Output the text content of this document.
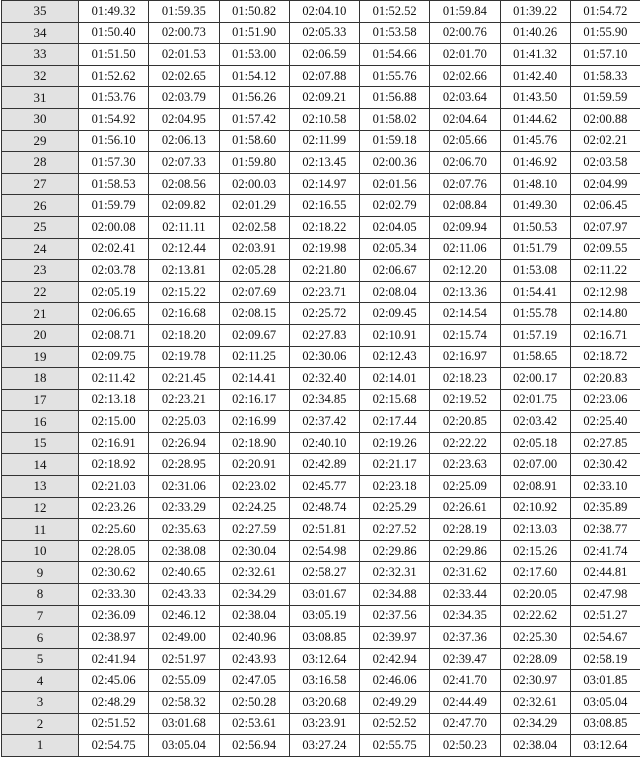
35	01:49.32	01:59.35	01:50.82	02:04.10	01:52.52	01:59.84	01:39.22	01:54.72
34	01:50.40	02:00.73	01:51.90	02:05.33	01:53.58	02:00.76	01:40.26	01:55.90
33	01:51.50	02:01.53	01:53.00	02:06.59	01:54.66	02:01.70	01:41.32	01:57.10
32	01:52.62	02:02.65	01:54.12	02:07.88	01:55.76	02:02.66	01:42.40	01:58.33
31	01:53.76	02:03.79	01:56.26	02:09.21	01:56.88	02:03.64	01:43.50	01:59.59
30	01:54.92	02:04.95	01:57.42	02:10.58	01:58.02	02:04.64	01:44.62	02:00.88
29	01:56.10	02:06.13	01:58.60	02:11.99	01:59.18	02:05.66	01:45.76	02:02.21
28	01:57.30	02:07.33	01:59.80	02:13.45	02:00.36	02:06.70	01:46.92	02:03.58
27	01:58.53	02:08.56	02:00.03	02:14.97	02:01.56	02:07.76	01:48.10	02:04.99
26	01:59.79	02:09.82	02:01.29	02:16.55	02:02.79	02:08.84	01:49.30	02:06.45
25	02:00.08	02:11.11	02:02.58	02:18.22	02:04.05	02:09.94	01:50.53	02:07.97
24	02:02.41	02:12.44	02:03.91	02:19.98	02:05.34	02:11.06	01:51.79	02:09.55
23	02:03.78	02:13.81	02:05.28	02:21.80	02:06.67	02:12.20	01:53.08	02:11.22
22	02:05.19	02:15.22	02:07.69	02:23.71	02:08.04	02:13.36	01:54.41	02:12.98
21	02:06.65	02:16.68	02:08.15	02:25.72	02:09.45	02:14.54	01:55.78	02:14.80
20	02:08.71	02:18.20	02:09.67	02:27.83	02:10.91	02:15.74	01:57.19	02:16.71
19	02:09.75	02:19.78	02:11.25	02:30.06	02:12.43	02:16.97	01:58.65	02:18.72
18	02:11.42	02:21.45	02:14.41	02:32.40	02:14.01	02:18.23	02:00.17	02:20.83
17	02:13.18	02:23.21	02:16.17	02:34.85	02:15.68	02:19.52	02:01.75	02:23.06
16	02:15.00	02:25.03	02:16.99	02:37.42	02:17.44	02:20.85	02:03.42	02:25.40
15	02:16.91	02:26.94	02:18.90	02:40.10	02:19.26	02:22.22	02:05.18	02:27.85
14	02:18.92	02:28.95	02:20.91	02:42.89	02:21.17	02:23.63	02:07.00	02:30.42
13	02:21.03	02:31.06	02:23.02	02:45.77	02:23.18	02:25.09	02:08.91	02:33.10
12	02:23.26	02:33.29	02:24.25	02:48.74	02:25.29	02:26.61	02:10.92	02:35.89
11	02:25.60	02:35.63	02:27.59	02:51.81	02:27.52	02:28.19	02:13.03	02:38.77
10	02:28.05	02:38.08	02:30.04	02:54.98	02:29.86	02:29.86	02:15.26	02:41.74
9	02:30.62	02:40.65	02:32.61	02:58.27	02:32.31	02:31.62	02:17.60	02:44.81
8	02:33.30	02:43.33	02:34.29	03:01.67	02:34.88	02:33.44	02:20.05	02:47.98
7	02:36.09	02:46.12	02:38.04	03:05.19	02:37.56	02:34.35	02:22.62	02:51.27
6	02:38.97	02:49.00	02:40.96	03:08.85	02:39.97	02:37.36	02:25.30	02:54.67
5	02:41.94	02:51.97	02:43.93	03:12.64	02:42.94	02:39.47	02:28.09	02:58.19
4	02:45.06	02:55.09	02:47.05	03:16.58	02:46.06	02:41.70	02:30.97	03:01.85
3	02:48.29	02:58.32	02:50.28	03:20.68	02:49.29	02:44.49	02:32.61	03:05.04
2	02:51.52	03:01.68	02:53.61	03:23.91	02:52.52	02:47.70	02:34.29	03:08.85
1	02:54.75	03:05.04	02:56.94	03:27.24	02:55.75	02:50.23	02:38.04	03:12.64
